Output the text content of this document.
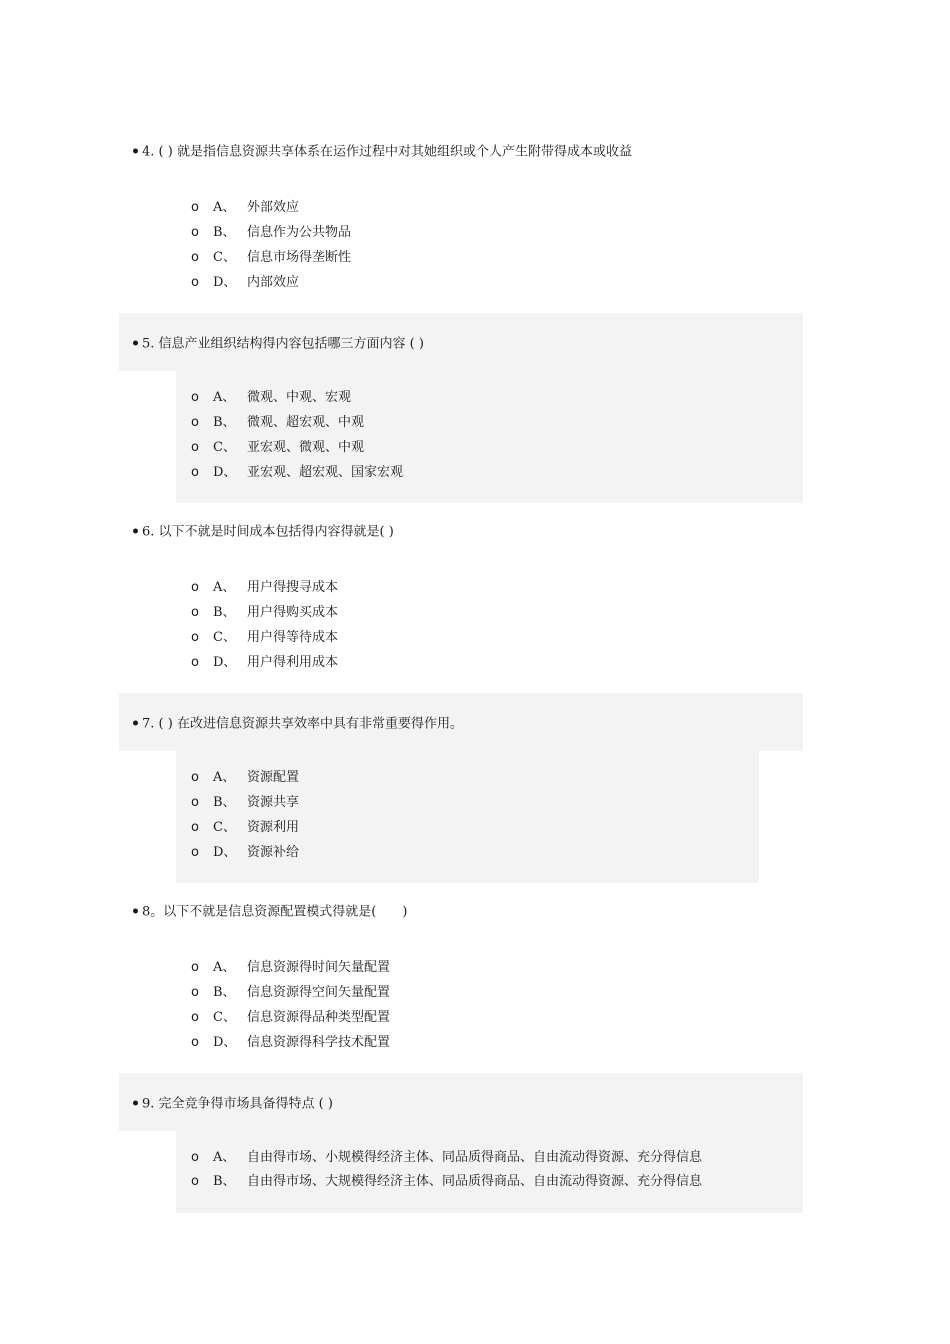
4. ( ) 就是指信息资源共享体系在运作过程中对其她组织或个人产生附带得成本或收益
o A、 外部效应
o B、 信息作为公共物品
o C、 信息市场得垄断性
o D、 内部效应
5. 信息产业组织结构得内容包括哪三方面内容 ( )
o A、 微观、中观、宏观
o B、 微观、超宏观、中观
o C、 亚宏观、微观、中观
o D、 亚宏观、超宏观、国家宏观
6. 以下不就是时间成本包括得内容得就是( )
o A、 用户得搜寻成本
o B、 用户得购买成本
o C、 用户得等待成本
o D、 用户得利用成本
7. ( ) 在改进信息资源共享效率中具有非常重要得作用。
o A、 资源配置
o B、 资源共享
o C、 资源利用
o D、 资源补给
8。以下不就是信息资源配置模式得就是(　　)
o A、 信息资源得时间矢量配置
o B、 信息资源得空间矢量配置
o C、 信息资源得品种类型配置
o D、 信息资源得科学技术配置
9. 完全竞争得市场具备得特点 ( )
o A、 自由得市场、小规模得经济主体、同品质得商品、自由流动得资源、充分得信息
o B、 自由得市场、大规模得经济主体、同品质得商品、自由流动得资源、充分得信息
